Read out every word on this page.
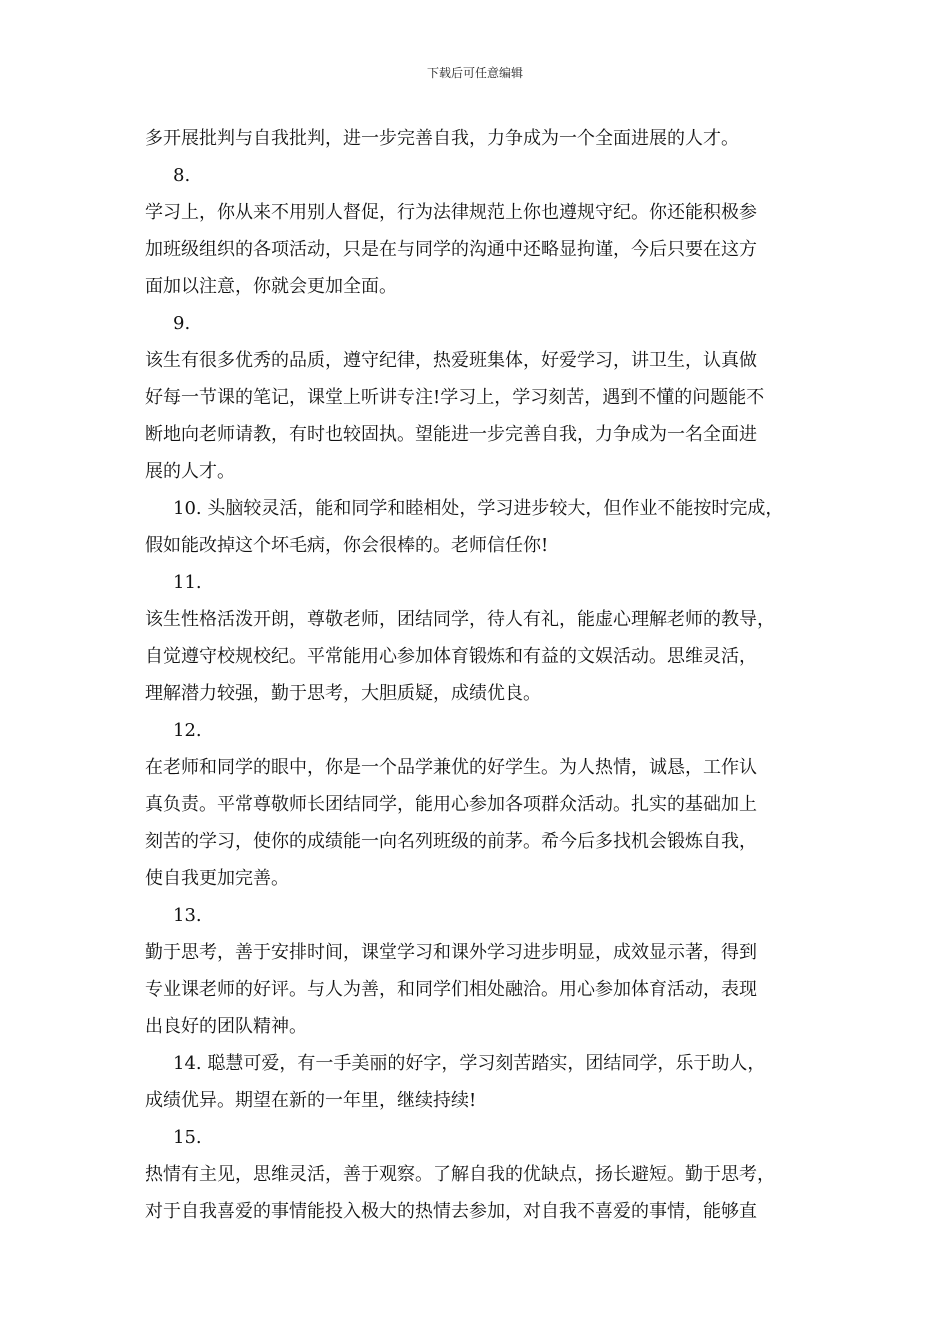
下载后可任意编辑
多开展批判与自我批判，进一步完善自我，力争成为一个全面进展的人才。
8.
学习上，你从来不用别人督促，行为法律规范上你也遵规守纪。你还能积极参
加班级组织的各项活动，只是在与同学的沟通中还略显拘谨，今后只要在这方
面加以注意，你就会更加全面。
9.
该生有很多优秀的品质，遵守纪律，热爱班集体，好爱学习，讲卫生，认真做
好每一节课的笔记，课堂上听讲专注!学习上，学习刻苦，遇到不懂的问题能不
断地向老师请教，有时也较固执。望能进一步完善自我，力争成为一名全面进
展的人才。
10. 头脑较灵活，能和同学和睦相处，学习进步较大，但作业不能按时完成，
假如能改掉这个坏毛病，你会很棒的。老师信任你!
11.
该生性格活泼开朗，尊敬老师，团结同学，待人有礼，能虚心理解老师的教导，
自觉遵守校规校纪。平常能用心参加体育锻炼和有益的文娱活动。思维灵活，
理解潜力较强，勤于思考，大胆质疑，成绩优良。
12.
在老师和同学的眼中，你是一个品学兼优的好学生。为人热情，诚恳，工作认
真负责。平常尊敬师长团结同学，能用心参加各项群众活动。扎实的基础加上
刻苦的学习，使你的成绩能一向名列班级的前茅。希今后多找机会锻炼自我，
使自我更加完善。
13.
勤于思考，善于安排时间，课堂学习和课外学习进步明显，成效显示著，得到
专业课老师的好评。与人为善，和同学们相处融洽。用心参加体育活动，表现
出良好的团队精神。
14. 聪慧可爱，有一手美丽的好字，学习刻苦踏实，团结同学，乐于助人，
成绩优异。期望在新的一年里，继续持续!
15.
热情有主见，思维灵活，善于观察。了解自我的优缺点，扬长避短。勤于思考，
对于自我喜爱的事情能投入极大的热情去参加，对自我不喜爱的事情，能够直
